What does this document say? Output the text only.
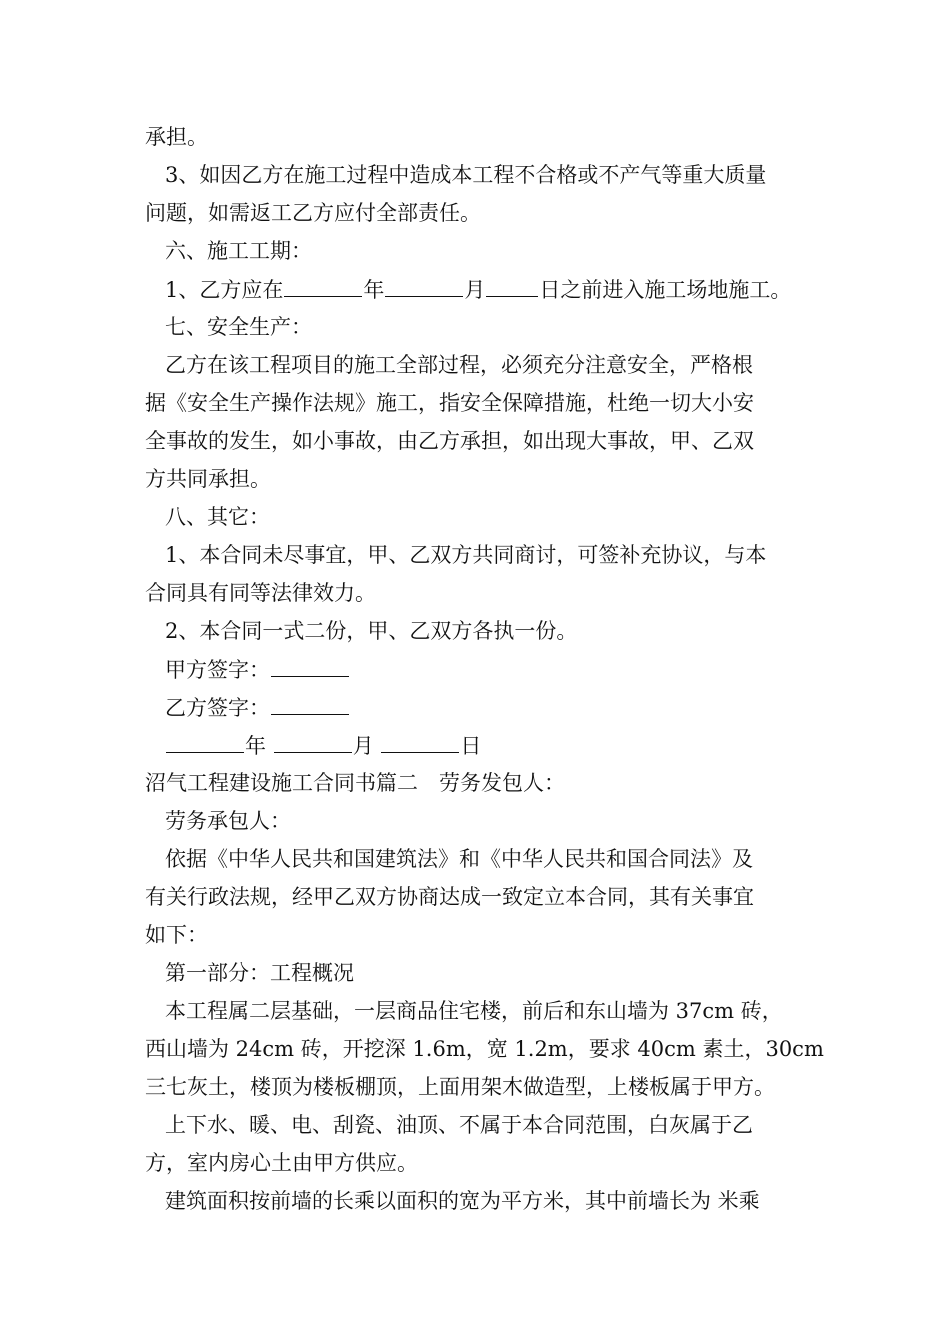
承担。
3、如因乙方在施工过程中造成本工程不合格或不产气等重大质量
问题，如需返工乙方应付全部责任。
六、施工工期：
1、乙方应在	年	月	日之前进入施工场地施工。
七、安全生产：
乙方在该工程项目的施工全部过程，必须充分注意安全，严格根
据《安全生产操作法规》施工，指安全保障措施，杜绝一切大小安
全事故的发生，如小事故，由乙方承担，如出现大事故，甲、乙双
方共同承担。
八、其它：
1、本合同未尽事宜，甲、乙双方共同商讨，可签补充协议，与本
合同具有同等法律效力。
2、本合同一式二份，甲、乙双方各执一份。
甲方签字：
乙方签字：
年	月	日
沼气工程建设施工合同书篇二　劳务发包人：
劳务承包人：
依据《中华人民共和国建筑法》和《中华人民共和国合同法》及
有关行政法规，经甲乙双方协商达成一致定立本合同，其有关事宜
如下：
第一部分：工程概况
本工程属二层基础，一层商品住宅楼，前后和东山墙为 37cm 砖，
西山墙为 24cm 砖，开挖深 1.6m，宽 1.2m，要求 40cm 素土，30cm
三七灰土，楼顶为楼板棚顶，上面用架木做造型，上楼板属于甲方。
上下水、暖、电、刮瓷、油顶、不属于本合同范围，白灰属于乙
方，室内房心土由甲方供应。
建筑面积按前墙的长乘以面积的宽为平方米，其中前墙长为 米乘
